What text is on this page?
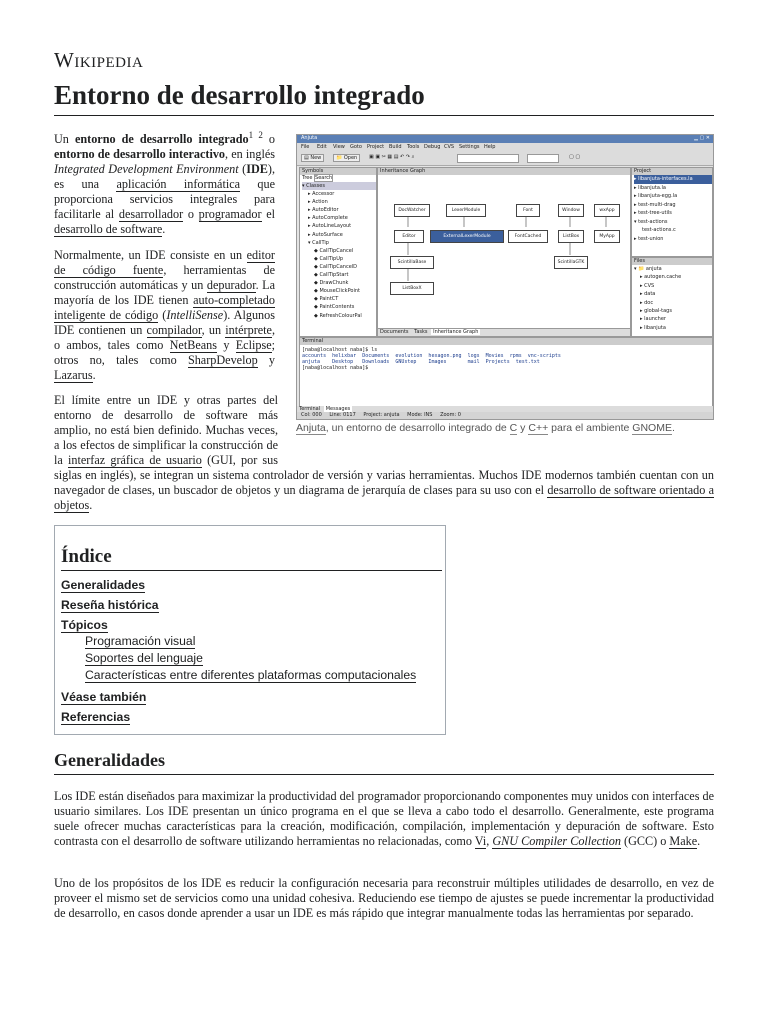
Wikipedia
Entorno de desarrollo integrado

Un entorno de desarrollo integrado$^{1 2}$ o entorno de desarrollo interactivo, en inglés Integrated Development Environment (IDE), es una aplicación informática que proporciona servicios integrales para facilitarle al desarrollador o programador el desarrollo de software.

Normalmente, un IDE consiste en un editor de código fuente, herramientas de construcción automáticas y un depurador. La mayoría de los IDE tienen auto-completado inteligente de código (IntelliSense). Algunos IDE contienen un compilador, un intérprete, o ambos, tales como NetBeans y Eclipse; otros no, tales como SharpDevelop y Lazarus.

El límite entre un IDE y otras partes del entorno de desarrollo de software más amplio, no está bien definido. Muchas veces, a los efectos de simplificar la construcción de la interfaz gráfica de usuario (GUI, por sus siglas en inglés), se integran un sistema controlador de versión y varias herramientas. Muchos IDE modernos también cuentan con un navegador de clases, un buscador de objetos y un diagrama de jerarquía de clases para su uso con el desarrollo de software orientado a objetos.

Anjuta	▁ ▢ ✕
File Edit View Goto Project Build Tools Debug CVS Settings Help
▤ New	📁 Open	▣ ▣ ✂ ▦ ▤ ↶ ↷ ⌕	▢ ▢
Symbols
Tree Search
▾ Classes
▸ Accessor
▸ Action
▸ AutoEditor
▸ AutoComplete
▸ AutoLineLayout
▸ AutoSurface
▾ CallTip
◆ CallTipCancel
◆ CallTipUp
◆ CallTipCancelD
◆ CallTipStart
◆ DrawChunk
◆ MouseClickPoint
◆ PaintCT
◆ PaintContents
◆ RefreshColourPal
Inheritance Graph
DocWatcher	LexerModule	Font	Window	wxApp
Editor	ExternalLexerModule	FontCached	ListBox	MyApp
ScintillaBase	ScintillaGTK
ListBoxX
Documents Tasks Inheritance Graph
Project
▸ libanjuta-interfaces.la
▸ libanjuta.la
▸ libanjuta-egg.la
▸ test-multi-drag
▸ test-tree-utils
▾ test-actions
test-actions.c
▸ test-union
Files
▾ 📁 anjuta
▸ autogen.cache
▸ CVS
▸ data
▸ doc
▸ global-tags
▸ launcher
▸ libanjuta
Terminal
[naba@localhost naba]$ ls
accounts  helixbar  Documents  evolution  hexagon.png  logs  Movies  rpms  vnc-scripts
anjuta    Desktop   Downloads  GNUstep    Images       mail  Projects  test.txt
[naba@localhost naba]$
Terminal Messages
Col: 000 Line: 0117 Project: anjuta Mode: INS Zoom: 0
Anjuta, un entorno de desarrollo integrado de C y C++ para el ambiente GNOME.
Índice
Generalidades
Reseña histórica
Tópicos
Programación visual
Soportes del lenguaje
Características entre diferentes plataformas computacionales
Véase también
Referencias
Generalidades

Los IDE están diseñados para maximizar la productividad del programador proporcionando componentes muy unidos con interfaces de usuario similares. Los IDE presentan un único programa en el que se lleva a cabo todo el desarrollo. Generalmente, este programa suele ofrecer muchas características para la creación, modificación, compilación, implementación y depuración de software. Esto contrasta con el desarrollo de software utilizando herramientas no relacionadas, como Vi, GNU Compiler Collection (GCC) o Make.

Uno de los propósitos de los IDE es reducir la configuración necesaria para reconstruir múltiples utilidades de desarrollo, en vez de proveer el mismo set de servicios como una unidad cohesiva. Reduciendo ese tiempo de ajustes se puede incrementar la productividad de desarrollo, en casos donde aprender a usar un IDE es más rápido que integrar manualmente todas las herramientas por separado.
